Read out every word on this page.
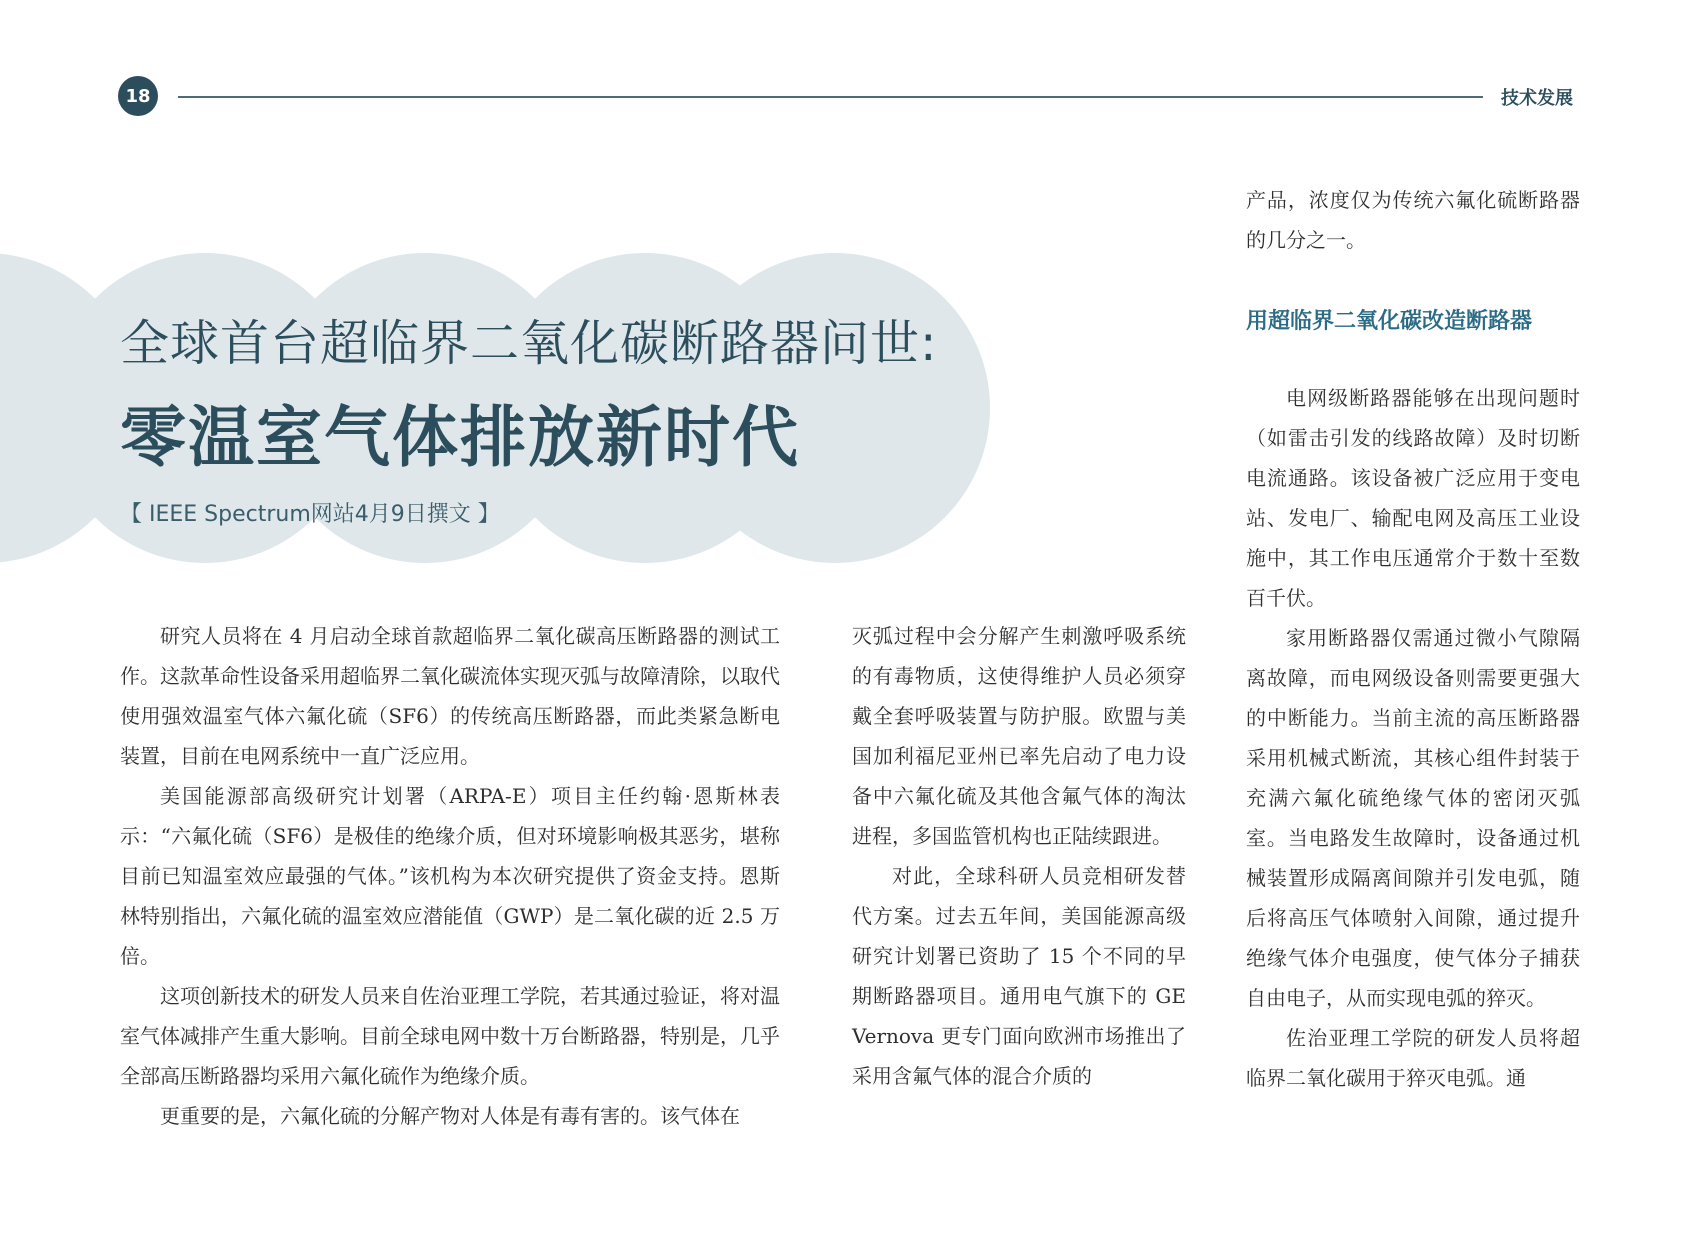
18	技术发展
全球首台超临界二氧化碳断路器问世:
零温室气体排放新时代

【 IEEE Spectrum网站4月9日撰文 】

研究人员将在 4 月启动全球首款超临界二氧化碳高压断路器的测试工作。这款革命性设备采用超临界二氧化碳流体实现灭弧与故障清除，以取代使用强效温室气体六氟化硫（SF6）的传统高压断路器，而此类紧急断电装置，目前在电网系统中一直广泛应用。

美国能源部高级研究计划署（ARPA-E）项目主任约翰·恩斯林表示：“六氟化硫（SF6）是极佳的绝缘介质，但对环境影响极其恶劣，堪称目前已知温室效应最强的气体。”该机构为本次研究提供了资金支持。恩斯林特别指出，六氟化硫的温室效应潜能值（GWP）是二氧化碳的近 2.5 万倍。

这项创新技术的研发人员来自佐治亚理工学院，若其通过验证，将对温室气体减排产生重大影响。目前全球电网中数十万台断路器，特别是，几乎全部高压断路器均采用六氟化硫作为绝缘介质。

更重要的是，六氟化硫的分解产物对人体是有毒有害的。该气体在

灭弧过程中会分解产生刺激呼吸系统的有毒物质，这使得维护人员必须穿戴全套呼吸装置与防护服。欧盟与美国加利福尼亚州已率先启动了电力设备中六氟化硫及其他含氟气体的淘汰进程，多国监管机构也正陆续跟进。

对此，全球科研人员竞相研发替代方案。过去五年间，美国能源高级研究计划署已资助了 15 个不同的早期断路器项目。通用电气旗下的 GE Vernova 更专门面向欧洲市场推出了采用含氟气体的混合介质的

产品，浓度仅为传统六氟化硫断路器的几分之一。

用超临界二氧化碳改造断路器

电网级断路器能够在出现问题时（如雷击引发的线路故障）及时切断电流通路。该设备被广泛应用于变电站、发电厂、输配电网及高压工业设施中，其工作电压通常介于数十至数百千伏。

家用断路器仅需通过微小气隙隔离故障，而电网级设备则需要更强大的中断能力。当前主流的高压断路器采用机械式断流，其核心组件封装于充满六氟化硫绝缘气体的密闭灭弧室。当电路发生故障时，设备通过机械装置形成隔离间隙并引发电弧，随后将高压气体喷射入间隙，通过提升绝缘气体介电强度，使气体分子捕获自由电子，从而实现电弧的猝灭。

佐治亚理工学院的研发人员将超临界二氧化碳用于猝灭电弧。通
